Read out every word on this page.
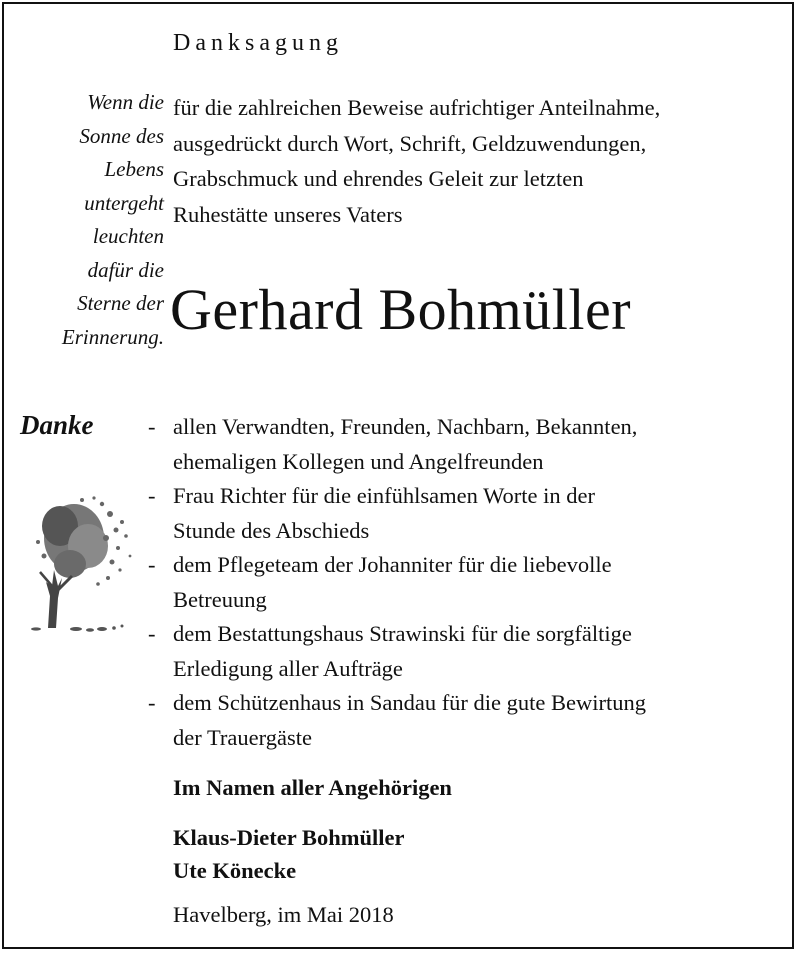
Danksagung
Wenn die
Sonne des
Lebens
untergeht
leuchten
dafür die
Sterne der
Erinnerung.
für die zahlreichen Beweise aufrichtiger Anteilnahme,
ausgedrückt durch Wort, Schrift, Geldzuwendungen,
Grabschmuck und ehrendes Geleit zur letzten
Ruhestätte unseres Vaters
Gerhard Bohmüller
Danke - allen Verwandten, Freunden, Nachbarn, Bekannten,
ehemaligen Kollegen und Angelfreunden
- Frau Richter für die einfühlsamen Worte in der
Stunde des Abschieds
- dem Pflegeteam der Johanniter für die liebevolle
Betreuung
- dem Bestattungshaus Strawinski für die sorgfältige
Erledigung aller Aufträge
- dem Schützenhaus in Sandau für die gute Bewirtung
der Trauergäste
Im Namen aller Angehörigen
Klaus-Dieter Bohmüller
Ute Könecke
Havelberg, im Mai 2018
